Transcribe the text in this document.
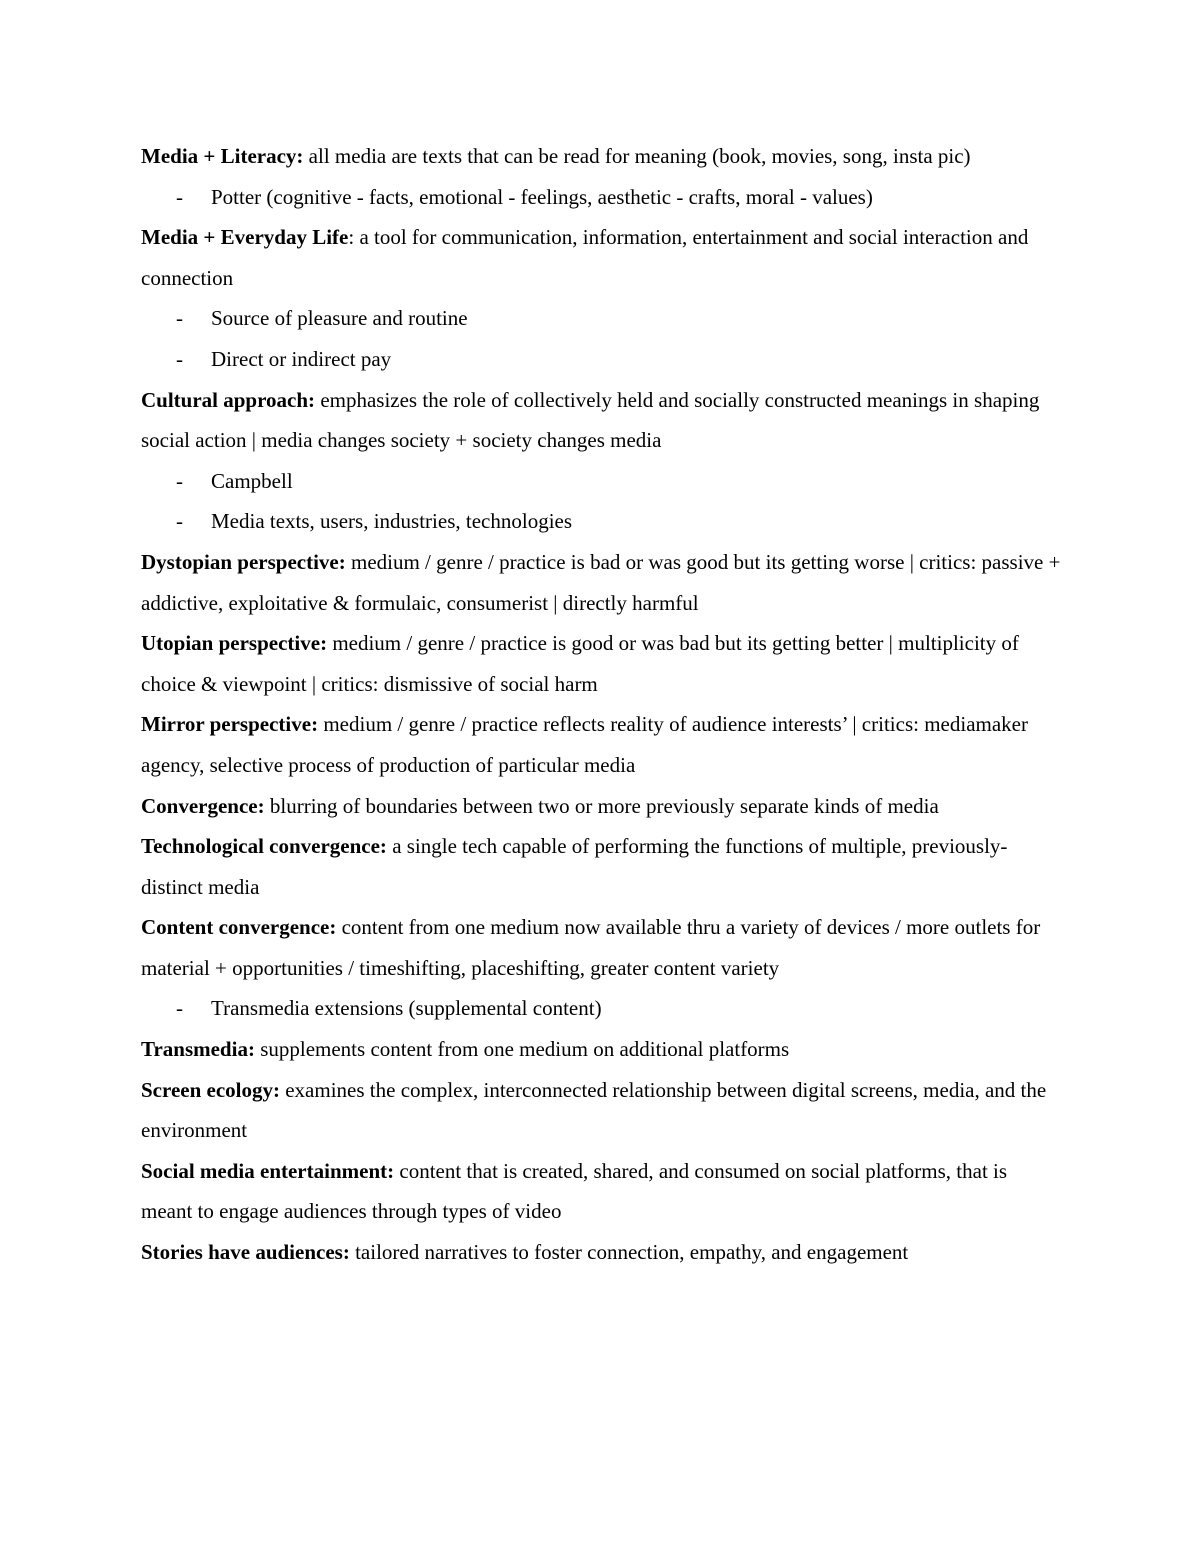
Media + Literacy: all media are texts that can be read for meaning (book, movies, song, insta pic)

- Potter (cognitive - facts, emotional - feelings, aesthetic - crafts, moral - values)

Media + Everyday Life: a tool for communication, information, entertainment and social interaction and connection

- Source of pleasure and routine

- Direct or indirect pay

Cultural approach: emphasizes the role of collectively held and socially constructed meanings in shaping social action | media changes society + society changes media

- Campbell

- Media texts, users, industries, technologies

Dystopian perspective: medium / genre / practice is bad or was good but its getting worse | critics: passive + addictive, exploitative & formulaic, consumerist | directly harmful

Utopian perspective: medium / genre / practice is good or was bad but its getting better | multiplicity of choice & viewpoint | critics: dismissive of social harm

Mirror perspective: medium / genre / practice reflects reality of audience interests’ | critics: mediamaker agency, selective process of production of particular media

Convergence: blurring of boundaries between two or more previously separate kinds of media

Technological convergence: a single tech capable of performing the functions of multiple, previously-distinct media

Content convergence: content from one medium now available thru a variety of devices / more outlets for material + opportunities / timeshifting, placeshifting, greater content variety

- Transmedia extensions (supplemental content)

Transmedia: supplements content from one medium on additional platforms

Screen ecology: examines the complex, interconnected relationship between digital screens, media, and the environment

Social media entertainment: content that is created, shared, and consumed on social platforms, that is meant to engage audiences through types of video

Stories have audiences: tailored narratives to foster connection, empathy, and engagement
